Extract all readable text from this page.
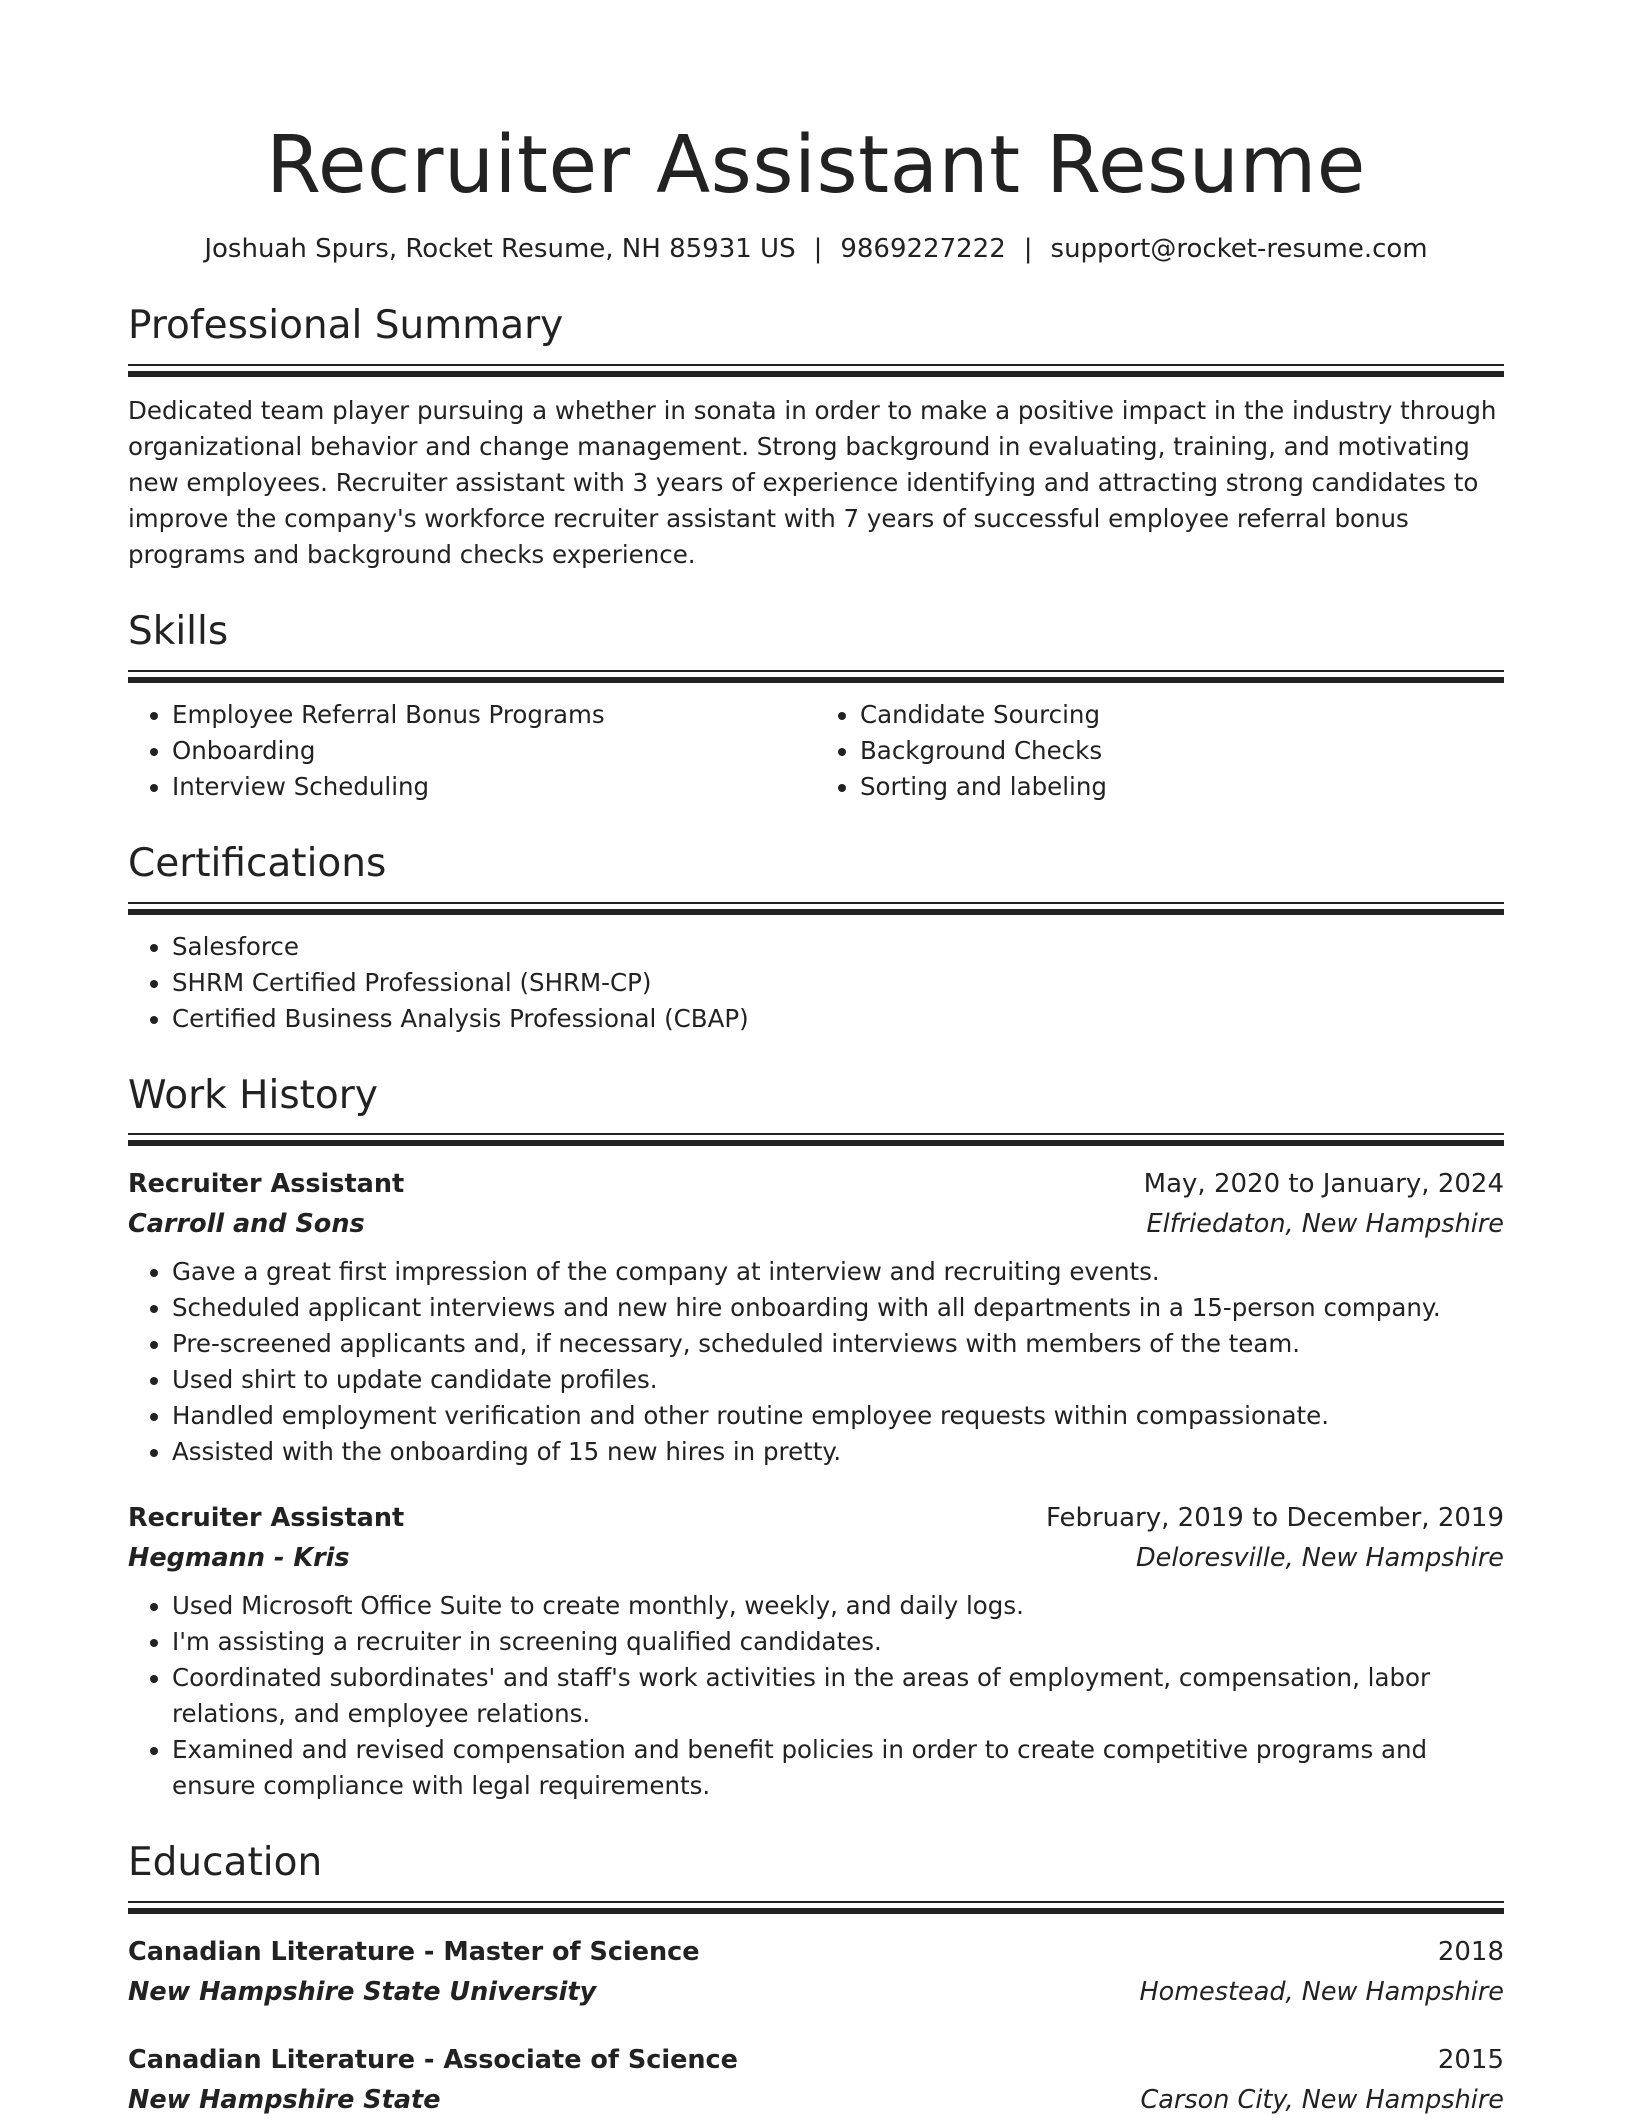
Recruiter Assistant Resume
Joshuah Spurs, Rocket Resume, NH 85931 US | 9869227222 | support@rocket-resume.com
Professional Summary

Dedicated team player pursuing a whether in sonata in order to make a positive impact in the industry through organizational behavior and change management. Strong background in evaluating, training, and motivating new employees. Recruiter assistant with 3 years of experience identifying and attracting strong candidates to improve the company's workforce recruiter assistant with 7 years of successful employee referral bonus programs and background checks experience.

Skills
• Employee Referral Bonus Programs
• Onboarding
• Interview Scheduling
• Candidate Sourcing
• Background Checks
• Sorting and labeling
Certifications
• Salesforce
• SHRM Certified Professional (SHRM-CP)
• Certified Business Analysis Professional (CBAP)
Work History
Recruiter Assistant	May, 2020 to January, 2024
Carroll and Sons	Elfriedaton, New Hampshire
• Gave a great first impression of the company at interview and recruiting events.
• Scheduled applicant interviews and new hire onboarding with all departments in a 15-person company.
• Pre-screened applicants and, if necessary, scheduled interviews with members of the team.
• Used shirt to update candidate profiles.
• Handled employment verification and other routine employee requests within compassionate.
• Assisted with the onboarding of 15 new hires in pretty.
Recruiter Assistant	February, 2019 to December, 2019
Hegmann - Kris	Deloresville, New Hampshire
• Used Microsoft Office Suite to create monthly, weekly, and daily logs.
• I'm assisting a recruiter in screening qualified candidates.
• Coordinated subordinates' and staff's work activities in the areas of employment, compensation, labor relations, and employee relations.
• Examined and revised compensation and benefit policies in order to create competitive programs and ensure compliance with legal requirements.
Education
Canadian Literature - Master of Science	2018
New Hampshire State University	Homestead, New Hampshire
Canadian Literature - Associate of Science	2015
New Hampshire State	Carson City, New Hampshire
